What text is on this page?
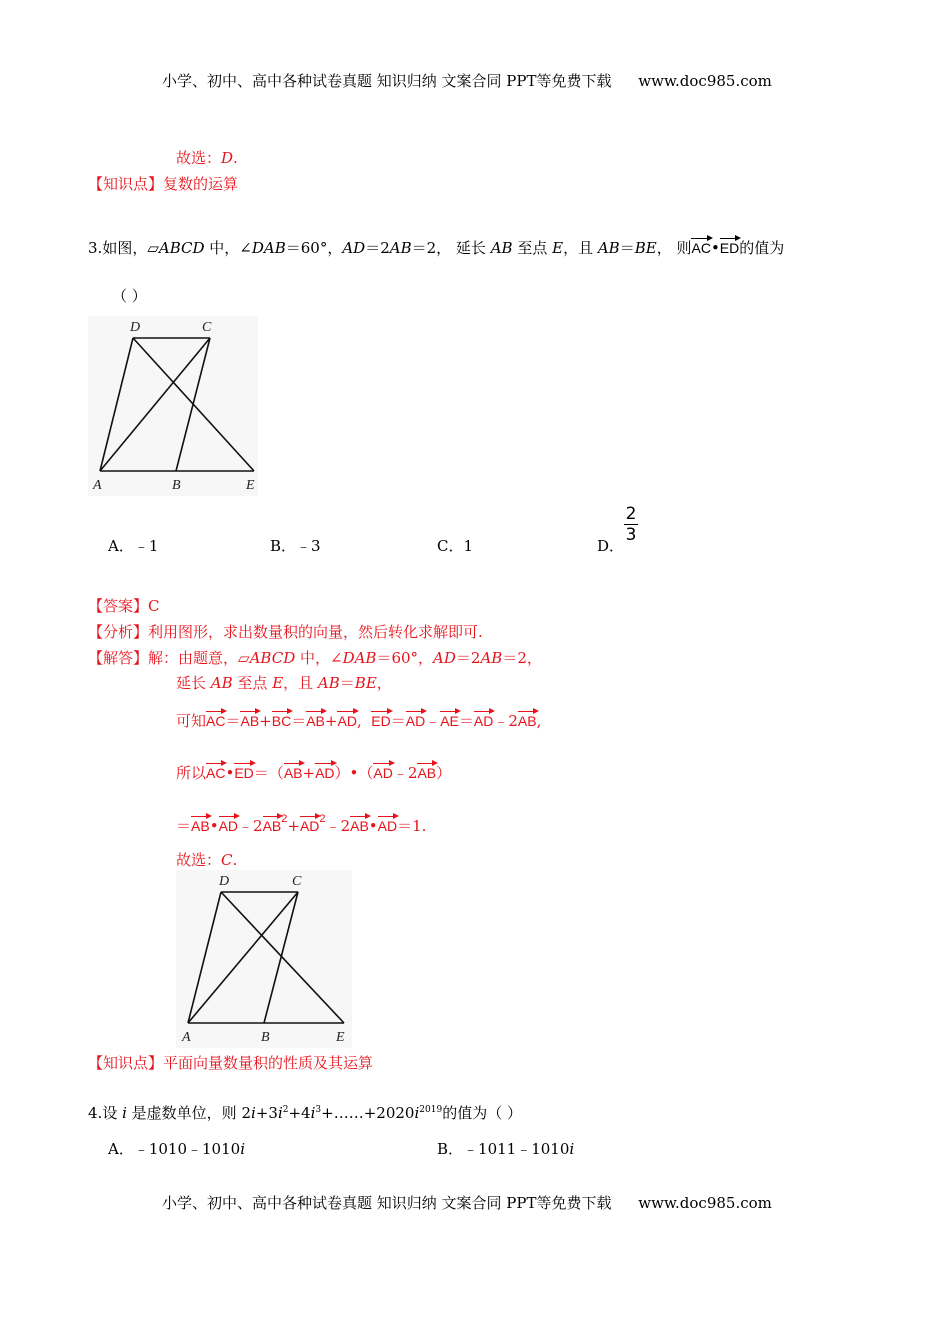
小学、初中、高中各种试卷真题 知识归纳 文案合同 PPT等免费下载 www.doc985.com
故选：D.
【知识点】复数的运算
3.如图，▱ABCD 中，∠DAB＝60°，AD＝2AB＝2， 延长 AB 至点 E，且 AB＝BE， 则AC•ED的值为
（ ）
D	C
A	B	E
A．﹣1	B．﹣3	C．1	D．
2
3
【答案】C
【分析】利用图形，求出数量积的向量，然后转化求解即可.
【解答】解：由题意，▱ABCD 中，∠DAB＝60°，AD＝2AB＝2，
延长 AB 至点 E，且 AB＝BE，
可知AC＝AB+BC＝AB+AD, ED＝AD﹣AE＝AD﹣2AB,
所以AC•ED＝（AB+AD）•（AD﹣2AB）
$=AB•AD﹣2AB^2+AD^2﹣2AB•AD=1$.
故选：C.
D	C
A	B	E
【知识点】平面向量数量积的性质及其运算
4.设 i 是虚数单位，则 $2i+3i^2+4i^3+\dots\dots+2020i^{2019}$的值为（ ）
A．﹣1010﹣1010i	B．﹣1011﹣1010i
小学、初中、高中各种试卷真题 知识归纳 文案合同 PPT等免费下载 www.doc985.com
